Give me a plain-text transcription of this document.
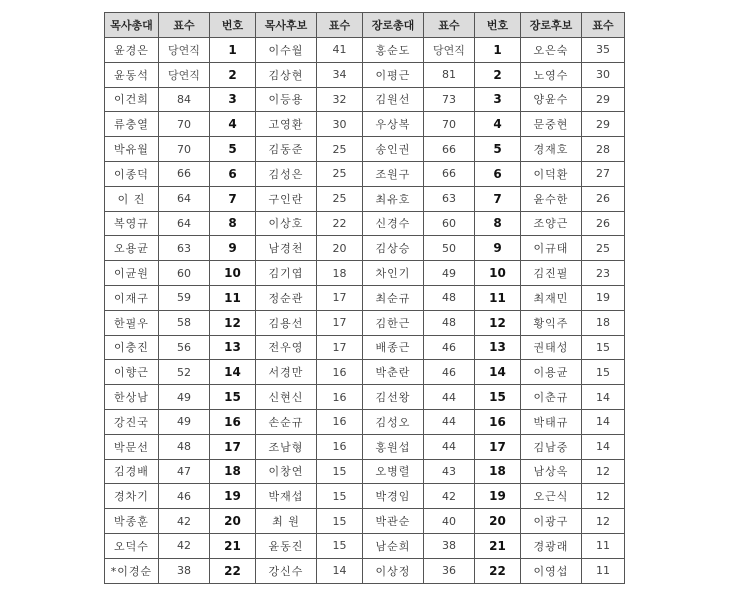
목사총대	표수	번호	목사후보	표수	장로총대	표수	번호	장로후보	표수
윤경은	당연직	1	이수월	41	홍순도	당연직	1	오은숙	35
윤동석	당연직	2	김상현	34	이평근	81	2	노영수	30
이건희	84	3	이등용	32	김원선	73	3	양윤수	29
류충열	70	4	고영환	30	우상복	70	4	문중현	29
박유월	70	5	김동준	25	송인권	66	5	경재호	28
이종덕	66	6	김성은	25	조원구	66	6	이덕환	27
이 진	64	7	구인란	25	최유호	63	7	윤수한	26
복영규	64	8	이상호	22	신경수	60	8	조양근	26
오용균	63	9	남경천	20	김상승	50	9	이규태	25
이균원	60	10	김기엽	18	차인기	49	10	김진필	23
이재구	59	11	정순관	17	최순규	48	11	최재민	19
한필우	58	12	김용선	17	김한근	48	12	황익주	18
이충진	56	13	전우영	17	배종근	46	13	권태성	15
이향근	52	14	서경만	16	박춘란	46	14	이용균	15
한상남	49	15	신현신	16	김선왕	44	15	이춘규	14
강진국	49	16	손순규	16	김성오	44	16	박태규	14
박문선	48	17	조남형	16	홍원섭	44	17	김남중	14
김경배	47	18	이창연	15	오병렬	43	18	남상옥	12
경차기	46	19	박재섭	15	박경임	42	19	오근식	12
박종훈	42	20	최 원	15	박관순	40	20	이광구	12
오덕수	42	21	윤동진	15	남순희	38	21	경광래	11
*이경순	38	22	강신수	14	이상정	36	22	이영섭	11
